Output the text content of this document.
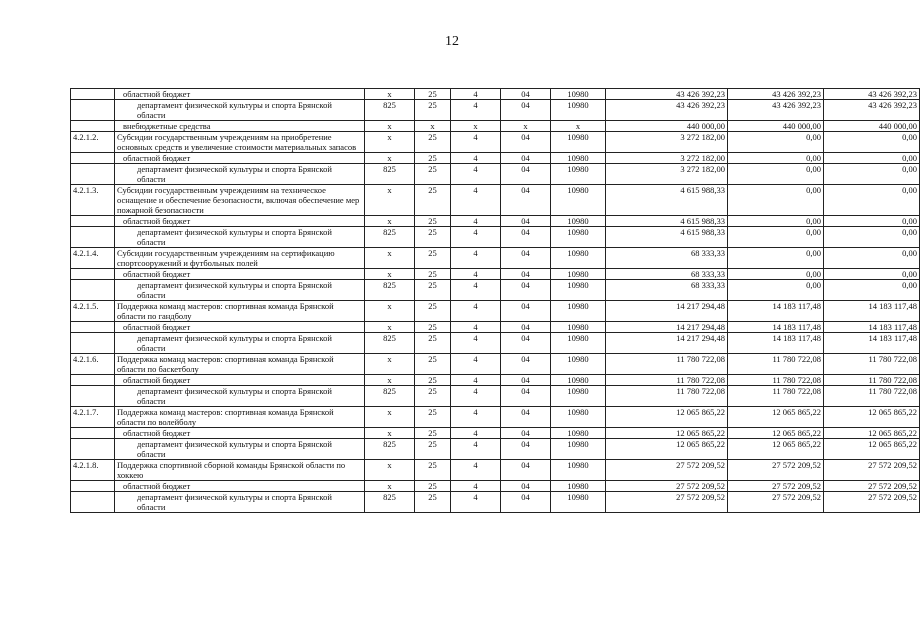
12
	областной бюджет	х	25	4	04	10980	43 426 392,23	43 426 392,23	43 426 392,23
	департамент физической культуры и спорта Брянской области	825	25	4	04	10980	43 426 392,23	43 426 392,23	43 426 392,23
	внебюджетные средства	х	х	х	х	х	440 000,00	440 000,00	440 000,00
4.2.1.2.	Субсидии государственным учреждениям на приобретение основных средств и увеличение стоимости материальных запасов	х	25	4	04	10980	3 272 182,00	0,00	0,00
	областной бюджет	х	25	4	04	10980	3 272 182,00	0,00	0,00
	департамент физической культуры и спорта Брянской области	825	25	4	04	10980	3 272 182,00	0,00	0,00
4.2.1.3.	Субсидии государственным учреждениям на техническое оснащение и обеспечение безопасности, включая обеспечение мер пожарной безопасности	х	25	4	04	10980	4 615 988,33	0,00	0,00
	областной бюджет	х	25	4	04	10980	4 615 988,33	0,00	0,00
	департамент физической культуры и спорта Брянской области	825	25	4	04	10980	4 615 988,33	0,00	0,00
4.2.1.4.	Субсидии государственным учреждениям на сертификацию спортсооружений и футбольных полей	х	25	4	04	10980	68 333,33	0,00	0,00
	областной бюджет	х	25	4	04	10980	68 333,33	0,00	0,00
	департамент физической культуры и спорта Брянской области	825	25	4	04	10980	68 333,33	0,00	0,00
4.2.1.5.	Поддержка команд мастеров: спортивная команда Брянской области по гандболу	х	25	4	04	10980	14 217 294,48	14 183 117,48	14 183 117,48
	областной бюджет	х	25	4	04	10980	14 217 294,48	14 183 117,48	14 183 117,48
	департамент физической культуры и спорта Брянской области	825	25	4	04	10980	14 217 294,48	14 183 117,48	14 183 117,48
4.2.1.6.	Поддержка команд мастеров: спортивная команда Брянской области по баскетболу	х	25	4	04	10980	11 780 722,08	11 780 722,08	11 780 722,08
	областной бюджет	х	25	4	04	10980	11 780 722,08	11 780 722,08	11 780 722,08
	департамент физической культуры и спорта Брянской области	825	25	4	04	10980	11 780 722,08	11 780 722,08	11 780 722,08
4.2.1.7.	Поддержка команд мастеров: спортивная команда Брянской области по волейболу	х	25	4	04	10980	12 065 865,22	12 065 865,22	12 065 865,22
	областной бюджет	х	25	4	04	10980	12 065 865,22	12 065 865,22	12 065 865,22
	департамент физической культуры и спорта Брянской области	825	25	4	04	10980	12 065 865,22	12 065 865,22	12 065 865,22
4.2.1.8.	Поддержка спортивной сборной команды Брянской области по хоккею	х	25	4	04	10980	27 572 209,52	27 572 209,52	27 572 209,52
	областной бюджет	х	25	4	04	10980	27 572 209,52	27 572 209,52	27 572 209,52
	департамент физической культуры и спорта Брянской области	825	25	4	04	10980	27 572 209,52	27 572 209,52	27 572 209,52
